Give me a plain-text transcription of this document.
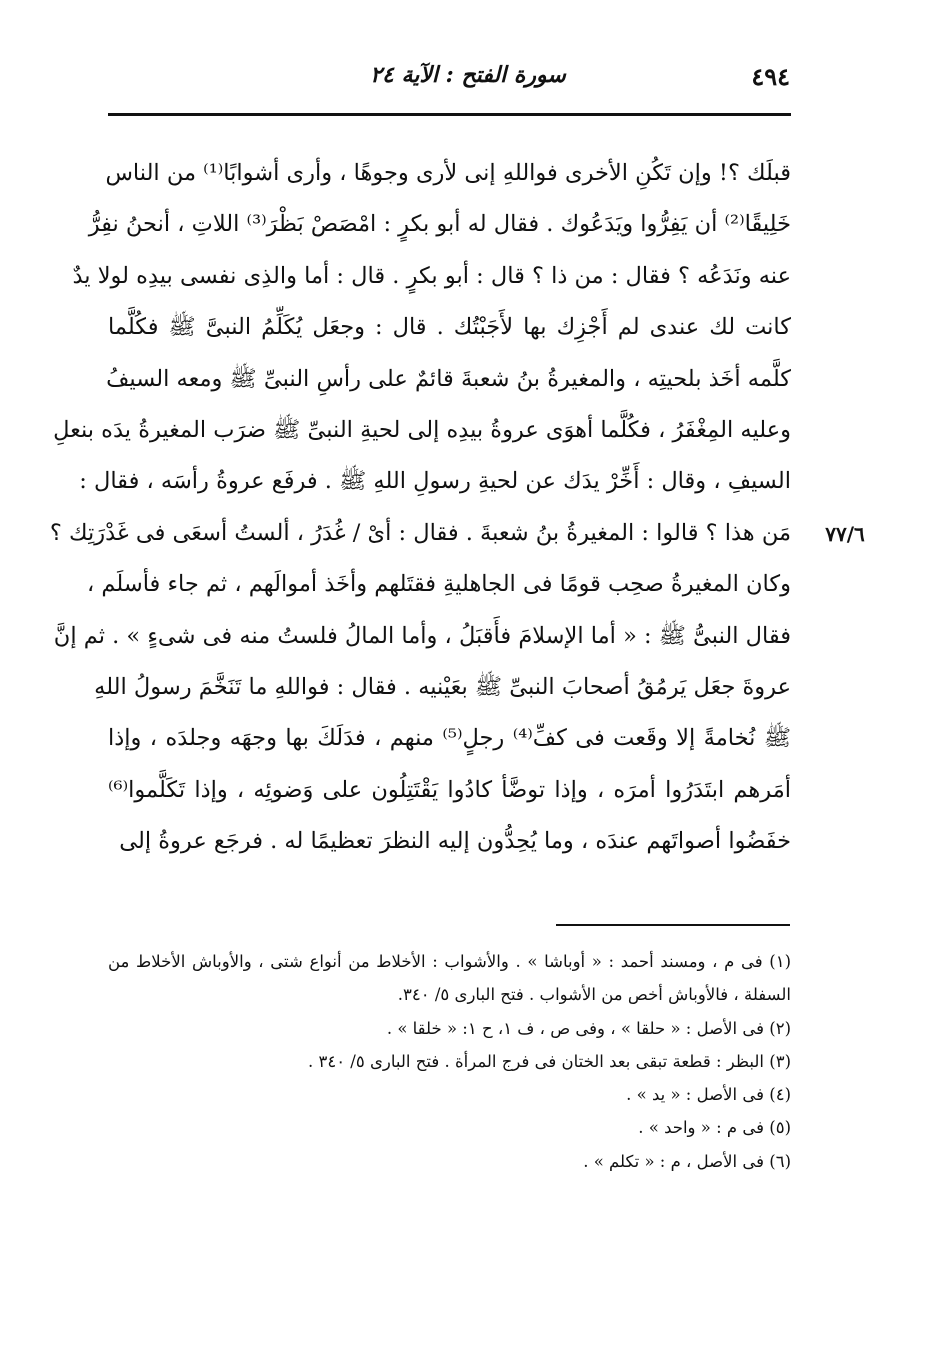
٤٩٤
سورة الفتح : الآية ٢٤
٧٧/٦
قبلَك ؟! وإن تَكُنِ الأخرى فواللهِ إنى لأرى وجوهًا ، وأرى أشوابًا⁽¹⁾ من الناس
خَلِيقًا⁽²⁾ أن يَفِرُّوا ويَدَعُوك . فقال له أبو بكرٍ : امْصَصْ بَظْرَ⁽³⁾ اللاتِ ، أنحنُ نفِرُّ
عنه ونَدَعُه ؟ فقال : من ذا ؟ قال : أبو بكرٍ . قال : أما والذِى نفسى بيدِه لولا يدٌ
كانت لك عندى لم أَجْزِك بها لأَجَبْتُك . قال : وجعَل يُكَلِّمُ النبىَّ ﷺ فكُلَّما
كلَّمه أخَذ بلحيتِه ، والمغيرةُ بنُ شعبةَ قائمٌ على رأسِ النبىِّ ﷺ ومعه السيفُ
وعليه المِغْفَرُ ، فكُلَّما أهوَى عروةُ بيدِه إلى لحيةِ النبىِّ ﷺ ضرَب المغيرةُ يدَه بنعلِ
السيفِ ، وقال : أَخِّرْ يدَك عن لحيةِ رسولِ اللهِ ﷺ . فرفَع عروةُ رأسَه ، فقال :
مَن هذا ؟ قالوا : المغيرةُ بنُ شعبةَ . فقال : أىْ / غُدَرُ ، ألستُ أسعَى فى غَدْرَتِك ؟
وكان المغيرةُ صحِب قومًا فى الجاهليةِ فقتَلهم وأخَذ أموالَهم ، ثم جاء فأسلَم ،
فقال النبىُّ ﷺ : « أما الإسلامَ فأَقبَلُ ، وأما المالُ فلستُ منه فى شىءٍ » . ثم إنَّ
عروةَ جعَل يَرمُقُ أصحابَ النبىِّ ﷺ بعَيْنيه . فقال : فواللهِ ما تَنَخَّمَ رسولُ اللهِ
ﷺ نُخامةً إلا وقَعت فى كفِّ⁽⁴⁾ رجلٍ⁽⁵⁾ منهم ، فدَلَكَ بها وجهَه وجلدَه ، وإذا
أمَرهم ابتَدَرُوا أمرَه ، وإذا توضَّأ كادُوا يَقْتَتِلُون على وَضوئِه ، وإذا تَكَلَّموا⁽⁶⁾
خفَضُوا أصواتَهم عندَه ، وما يُحِدُّون إليه النظرَ تعظيمًا له . فرجَع عروةُ إلى
(١) فى م ، ومسند أحمد : « أوباشا » . والأشواب : الأخلاط من أنواع شتى ، والأوباش الأخلاط من
السفلة ، فالأوباش أخص من الأشواب . فتح البارى ٥/ ٣٤٠.
(٢) فى الأصل : « حلقا » ، وفى ص ، ف ١، ح ١: « خلقا » .
(٣) البظر : قطعة تبقى بعد الختان فى فرج المرأة . فتح البارى ٥/ ٣٤٠ .
(٤) فى الأصل : « يد » .
(٥) فى م : « واحد » .
(٦) فى الأصل ، م : « تكلم » .
